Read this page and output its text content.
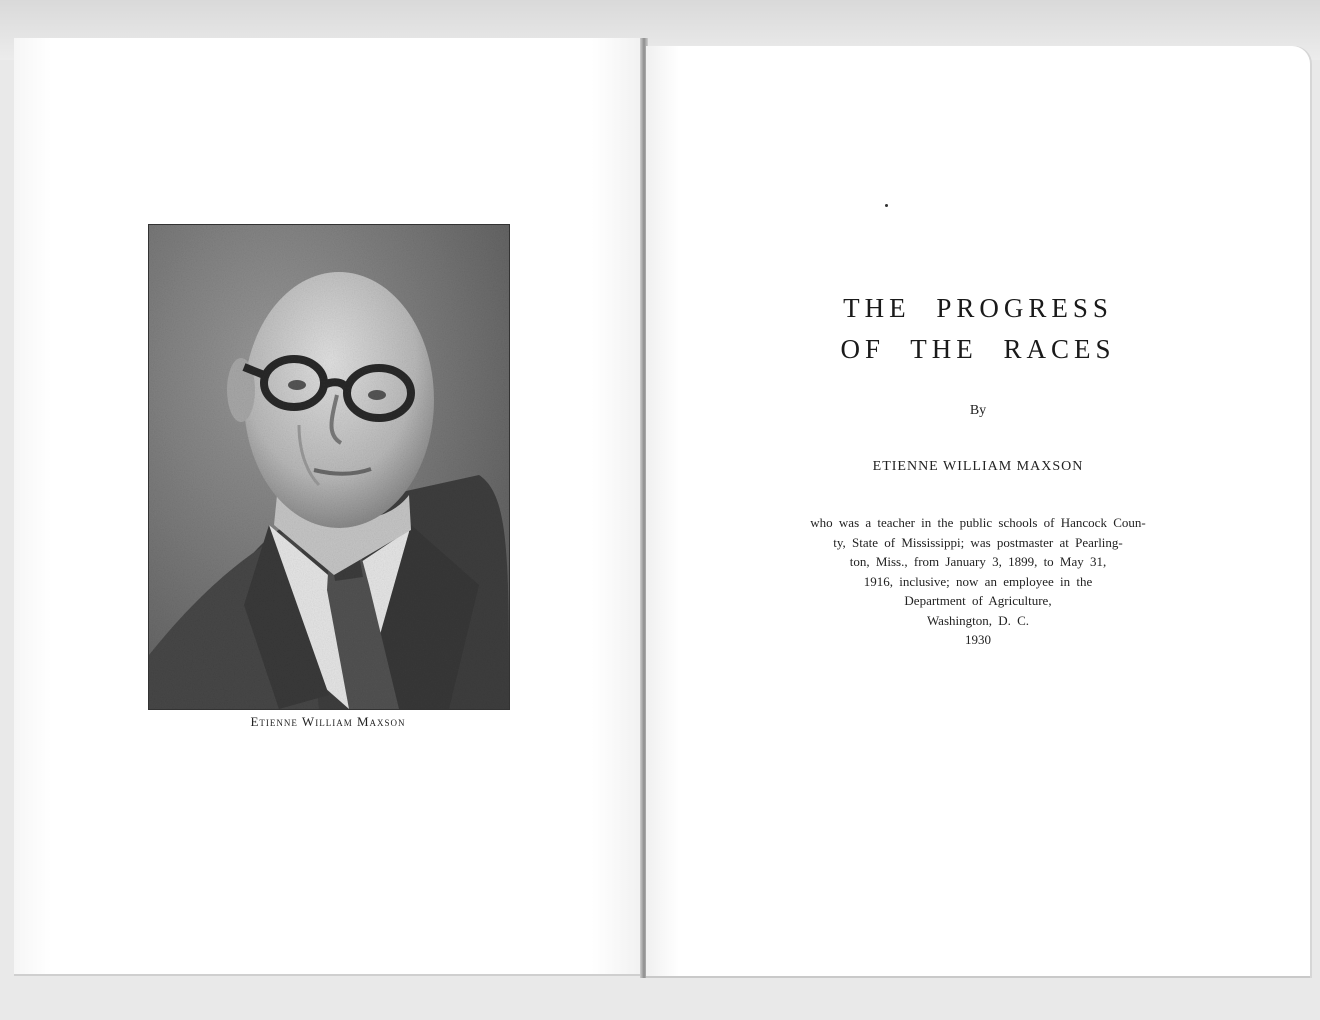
Etienne William Maxson
THE PROGRESS
OF THE RACES
By
ETIENNE WILLIAM MAXSON
who was a teacher in the public schools of Hancock Coun-
ty, State of Mississippi; was postmaster at Pearling-
ton, Miss., from January 3, 1899, to May 31,
1916, inclusive; now an employee in the
Department of Agriculture,
Washington, D. C.
1930
